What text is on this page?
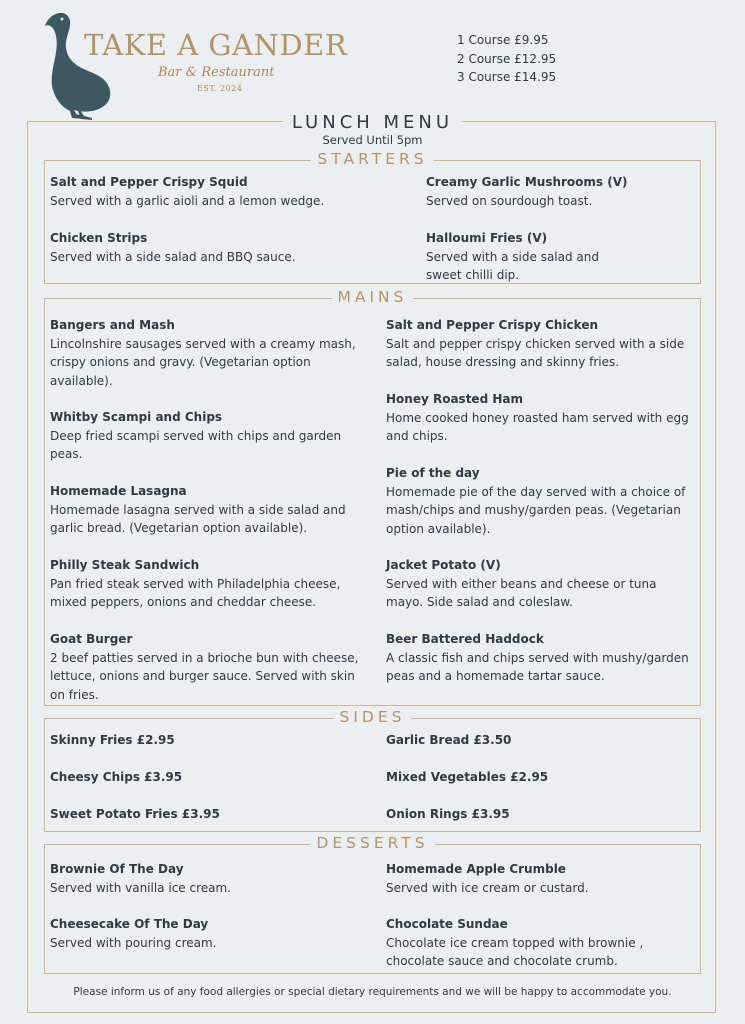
TAKE A GANDER
Bar & Restaurant
EST. 2024
1 Course £9.95
2 Course £12.95
3 Course £14.95
LUNCH MENU
Served Until 5pm
STARTERS
Salt and Pepper Crispy Squid
Served with a garlic aioli and a lemon wedge.
Creamy Garlic Mushrooms (V)
Served on sourdough toast.
Chicken Strips
Served with a side salad and BBQ sauce.
Halloumi Fries (V)
Served with a side salad and sweet chilli dip.
MAINS
Bangers and Mash
Lincolnshire sausages served with a creamy mash, crispy onions and gravy. (Vegetarian option available).
Whitby Scampi and Chips
Deep fried scampi served with chips and garden peas.
Homemade Lasagna
Homemade lasagna served with a side salad and garlic bread. (Vegetarian option available).
Philly Steak Sandwich
Pan fried steak served with Philadelphia cheese, mixed peppers, onions and cheddar cheese.
Goat Burger
2 beef patties served in a brioche bun with cheese, lettuce, onions and burger sauce. Served with skin on fries.
Salt and Pepper Crispy Chicken
Salt and pepper crispy chicken served with a side salad, house dressing and skinny fries.
Honey Roasted Ham
Home cooked honey roasted ham served with egg and chips.
Pie of the day
Homemade pie of the day served with a choice of mash/chips and mushy/garden peas. (Vegetarian option available).
Jacket Potato (V)
Served with either beans and cheese or tuna mayo. Side salad and coleslaw.
Beer Battered Haddock
A classic fish and chips served with mushy/garden peas and a homemade tartar sauce.
SIDES
Skinny Fries £2.95
Cheesy Chips £3.95
Sweet Potato Fries £3.95
Garlic Bread £3.50
Mixed Vegetables £2.95
Onion Rings £3.95
DESSERTS
Brownie Of The Day
Served with vanilla ice cream.
Cheesecake Of The Day
Served with pouring cream.
Homemade Apple Crumble
Served with ice cream or custard.
Chocolate Sundae
Chocolate ice cream topped with brownie , chocolate sauce and chocolate crumb.
Please inform us of any food allergies or special dietary requirements and we will be happy to accommodate you.
